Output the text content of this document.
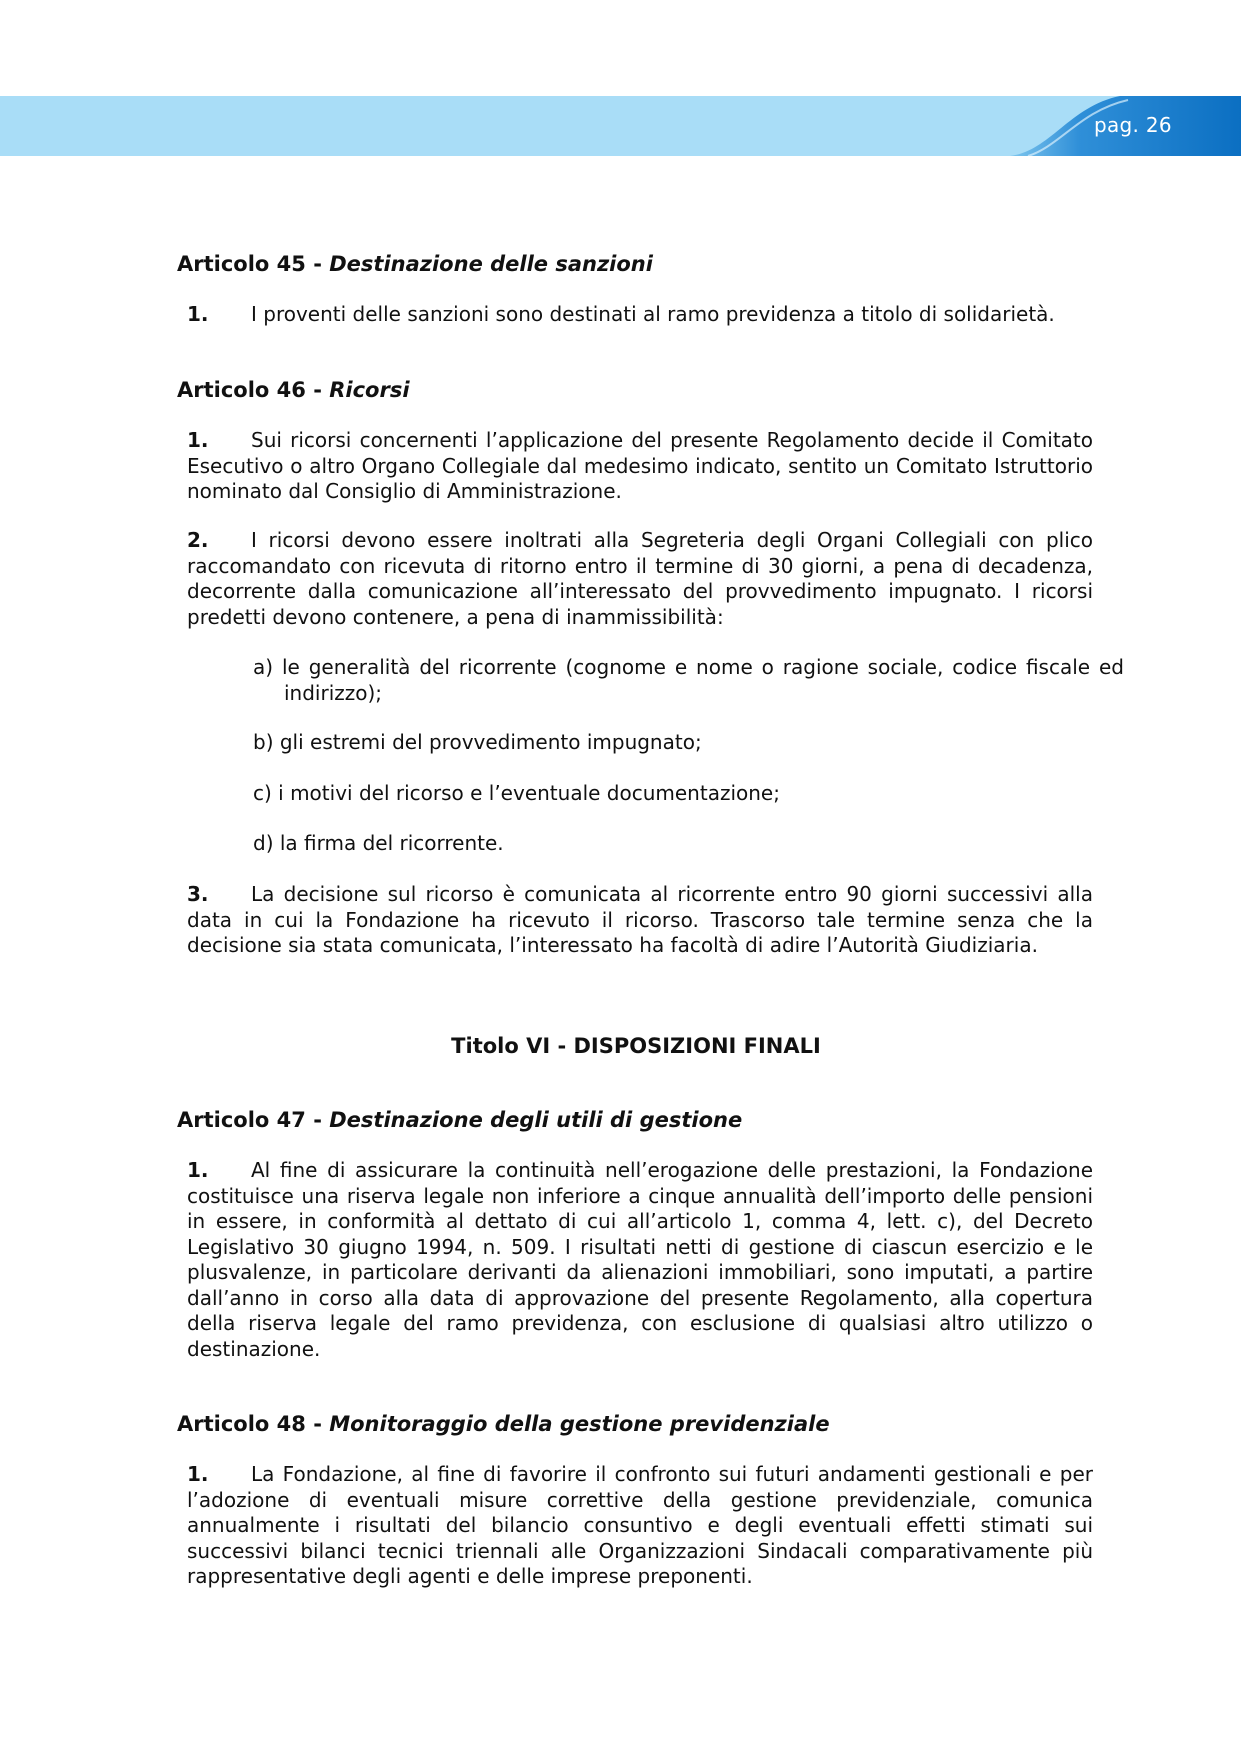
pag. 26
Articolo 45 - Destinazione delle sanzioni
1. I proventi delle sanzioni sono destinati al ramo previdenza a titolo di solidarietà.
Articolo 46 - Ricorsi
1. Sui ricorsi concernenti l’applicazione del presente Regolamento decide il Comitato Esecutivo o altro Organo Collegiale dal medesimo indicato, sentito un Comitato Istruttorio nominato dal Consiglio di Amministrazione.
2. I ricorsi devono essere inoltrati alla Segreteria degli Organi Collegiali con plico raccomandato con ricevuta di ritorno entro il termine di 30 giorni, a pena di decadenza, decorrente dalla comunicazione all’interessato del provvedimento impugnato. I ricorsi predetti devono contenere, a pena di inammissibilità:
a) le generalità del ricorrente (cognome e nome o ragione sociale, codice fiscale ed indirizzo);
b) gli estremi del provvedimento impugnato;
c) i motivi del ricorso e l’eventuale documentazione;
d) la firma del ricorrente.
3. La decisione sul ricorso è comunicata al ricorrente entro 90 giorni successivi alla data in cui la Fondazione ha ricevuto il ricorso. Trascorso tale termine senza che la decisione sia stata comunicata, l’interessato ha facoltà di adire l’Autorità Giudiziaria.
Titolo VI - DISPOSIZIONI FINALI
Articolo 47 - Destinazione degli utili di gestione
1. Al fine di assicurare la continuità nell’erogazione delle prestazioni, la Fondazione costituisce una riserva legale non inferiore a cinque annualità dell’importo delle pensioni in essere, in conformità al dettato di cui all’articolo 1, comma 4, lett. c), del Decreto Legislativo 30 giugno 1994, n. 509. I risultati netti di gestione di ciascun esercizio e le plusvalenze, in particolare derivanti da alienazioni immobiliari, sono imputati, a partire dall’anno in corso alla data di approvazione del presente Regolamento, alla copertura della riserva legale del ramo previdenza, con esclusione di qualsiasi altro utilizzo o destinazione.
Articolo 48 - Monitoraggio della gestione previdenziale
1. La Fondazione, al fine di favorire il confronto sui futuri andamenti gestionali e per l’adozione di eventuali misure correttive della gestione previdenziale, comunica annualmente i risultati del bilancio consuntivo e degli eventuali effetti stimati sui successivi bilanci tecnici triennali alle Organizzazioni Sindacali comparativamente più rappresentative degli agenti e delle imprese preponenti.
